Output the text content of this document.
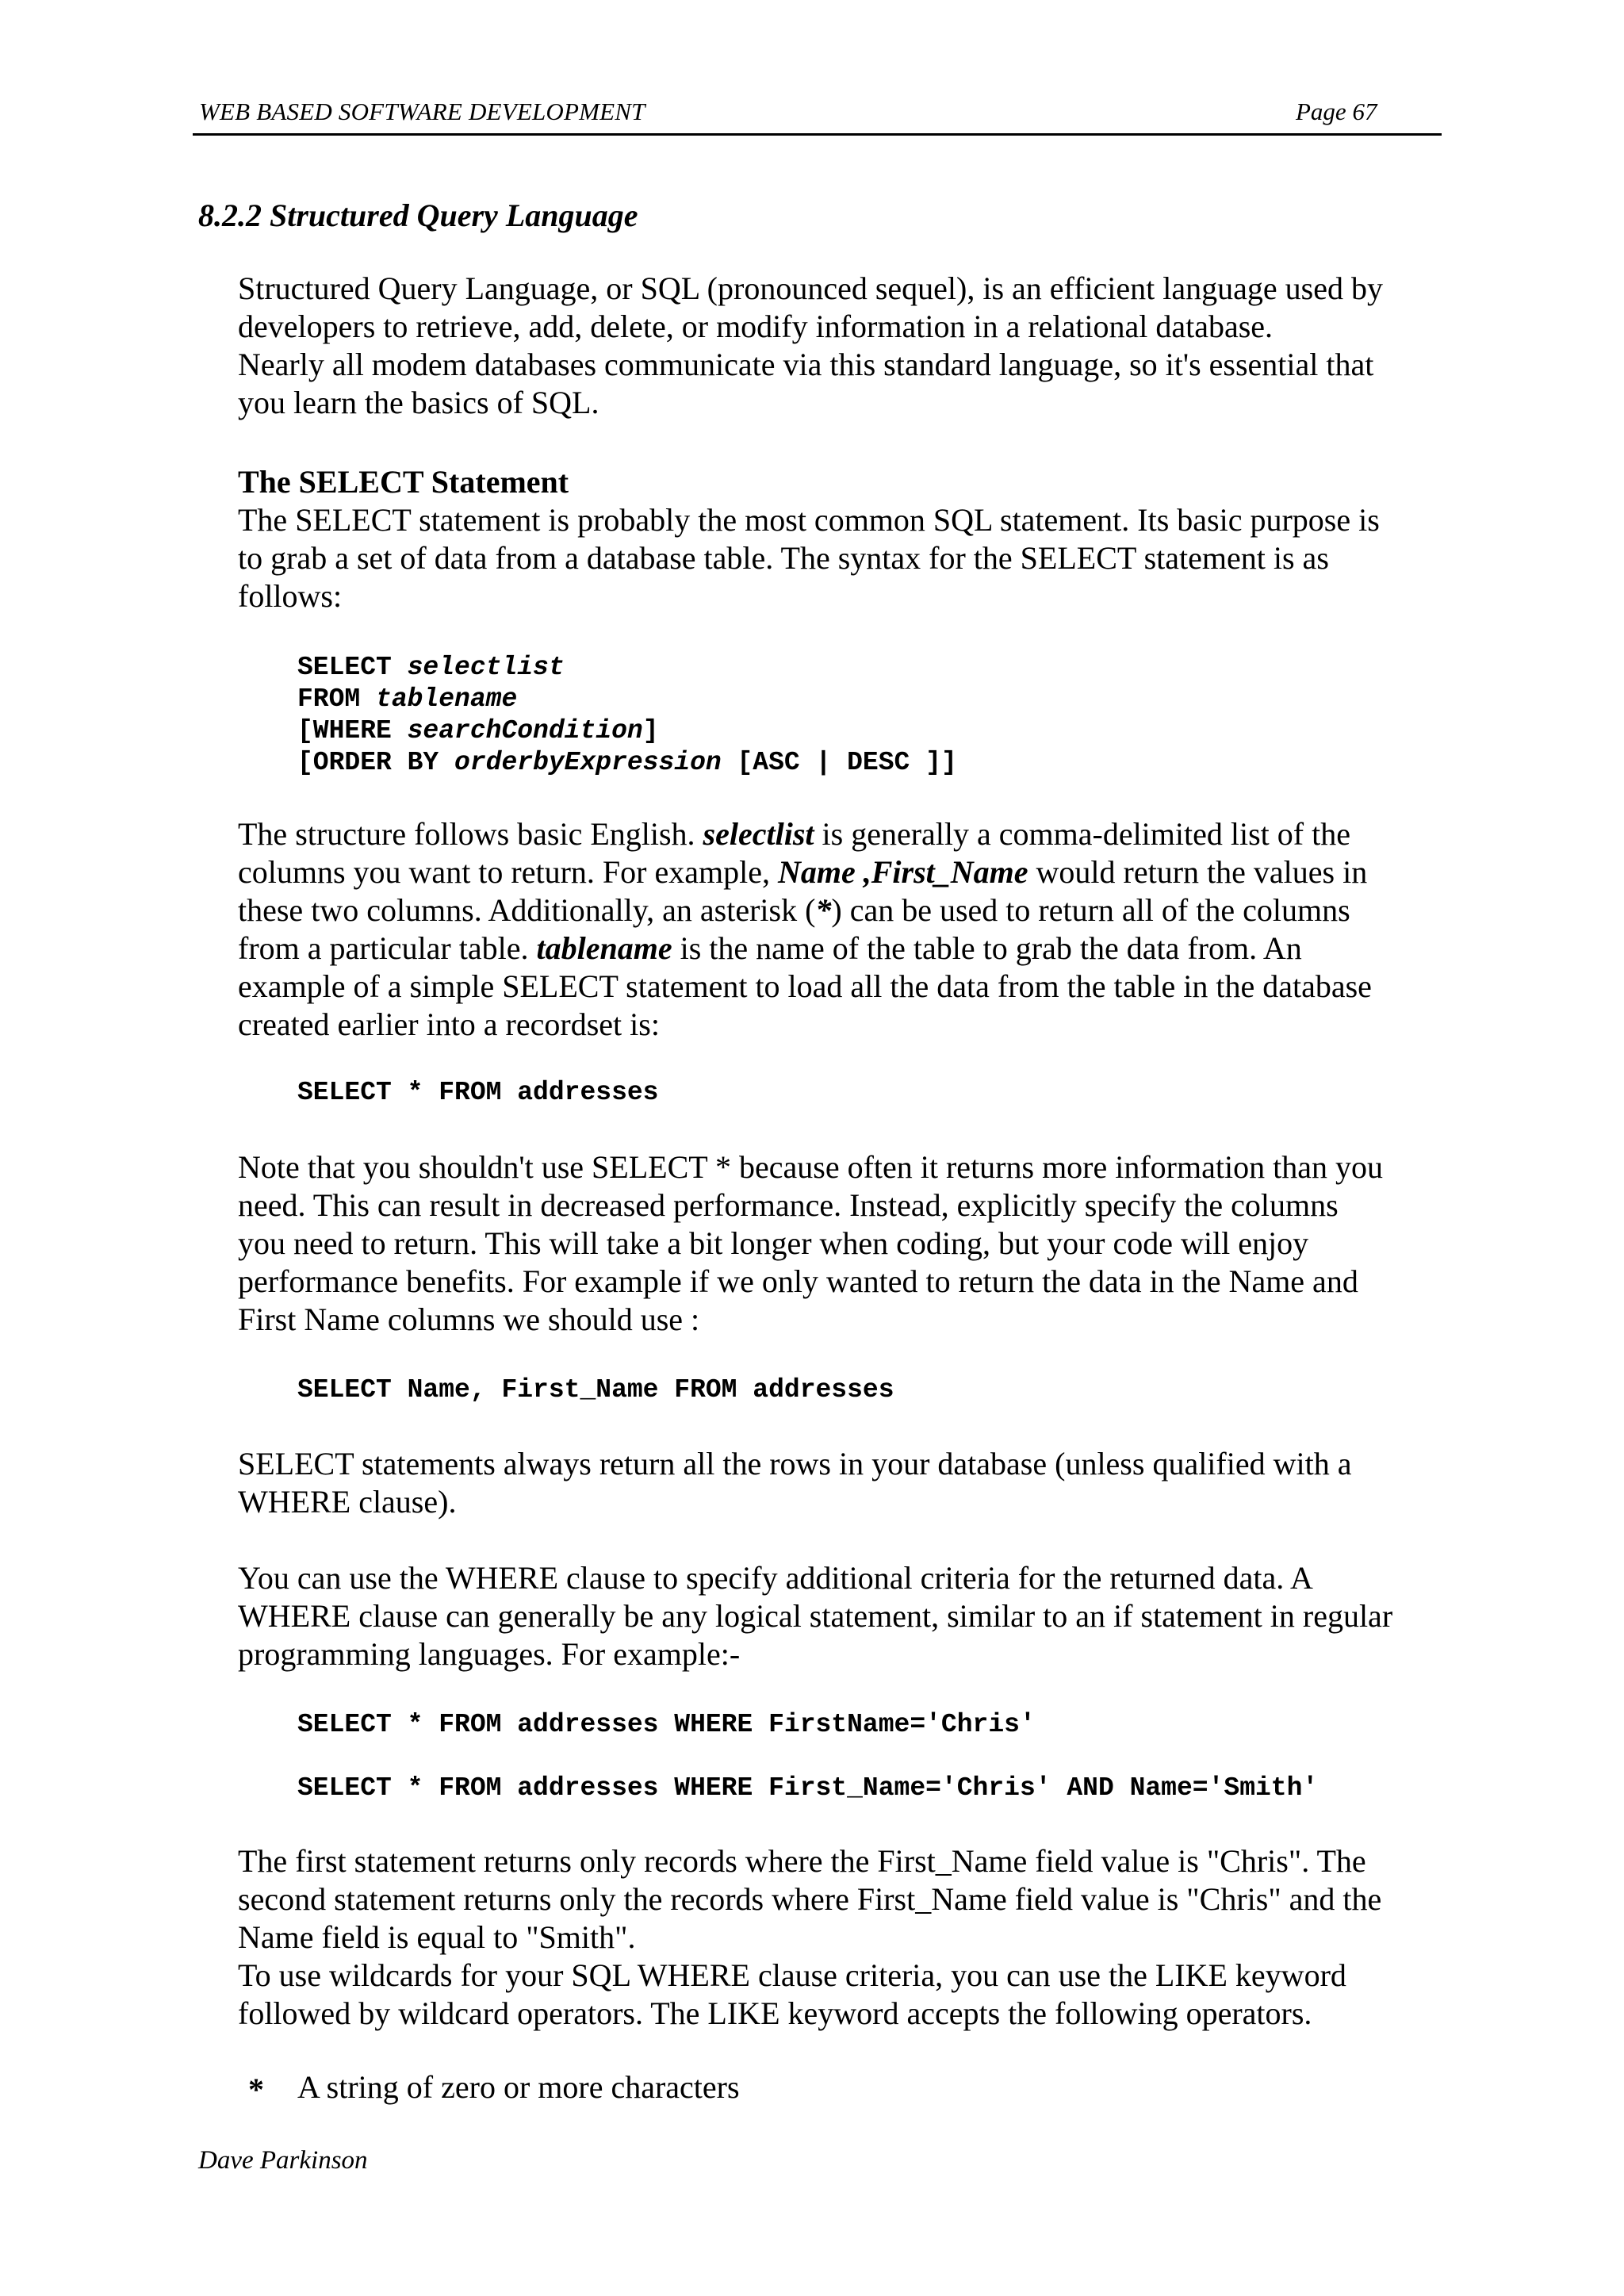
WEB BASED SOFTWARE DEVELOPMENT	Page 67
8.2.2 Structured Query Language

Structured Query Language, or SQL (pronounced sequel), is an efficient language used by
developers to retrieve, add, delete, or modify information in a relational database.
Nearly all modem databases communicate via this standard language, so it's essential that
you learn the basics of SQL.

The SELECT Statement

The SELECT statement is probably the most common SQL statement. Its basic purpose is
to grab a set of data from a database table. The syntax for the SELECT statement is as
follows:

SELECT selectlist
FROM tablename
[WHERE searchCondition]
[ORDER BY orderbyExpression [ASC | DESC ]]

The structure follows basic English. selectlist is generally a comma-delimited list of the
columns you want to return. For example, Name ,First_Name would return the values in
these two columns. Additionally, an asterisk (*) can be used to return all of the columns
from a particular table. tablename is the name of the table to grab the data from. An
example of a simple SELECT statement to load all the data from the table in the database
created earlier into a recordset is:

SELECT * FROM addresses

Note that you shouldn't use SELECT * because often it returns more information than you
need. This can result in decreased performance. Instead, explicitly specify the columns
you need to return. This will take a bit longer when coding, but your code will enjoy
performance benefits. For example if we only wanted to return the data in the Name and
First Name columns we should use :

SELECT Name, First_Name FROM addresses

SELECT statements always return all the rows in your database (unless qualified with a
WHERE clause).

You can use the WHERE clause to specify additional criteria for the returned data. A
WHERE clause can generally be any logical statement, similar to an if statement in regular
programming languages. For example:-

SELECT * FROM addresses WHERE FirstName='Chris'
SELECT * FROM addresses WHERE First_Name='Chris' AND Name='Smith'

The first statement returns only records where the First_Name field value is "Chris". The
second statement returns only the records where First_Name field value is "Chris" and the
Name field is equal to "Smith".
To use wildcards for your SQL WHERE clause criteria, you can use the LIKE keyword
followed by wildcard operators. The LIKE keyword accepts the following operators.

* A string of zero or more characters
Dave Parkinson
